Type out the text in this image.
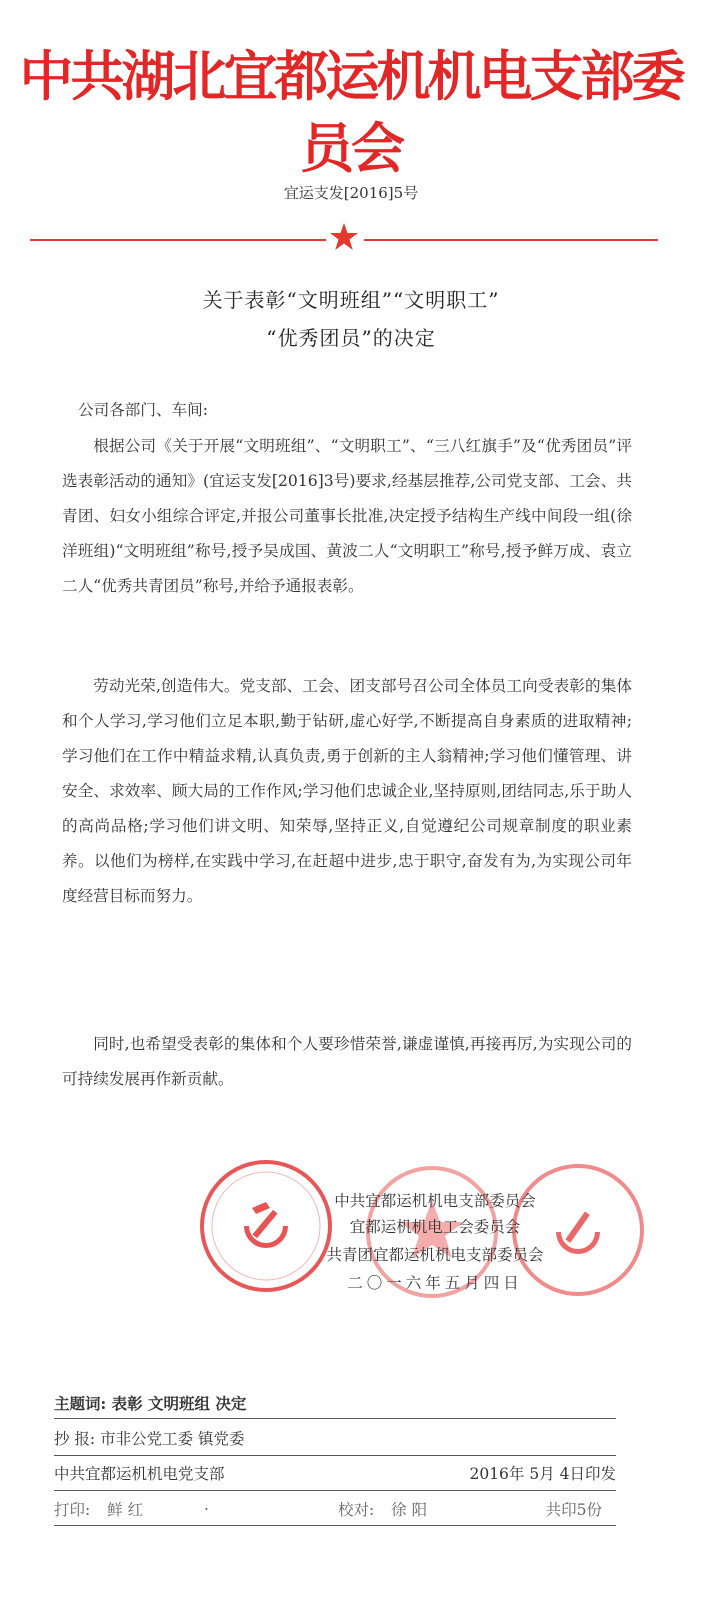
中共湖北宜都运机机电支部委员会
宜运支发[2016]5号
关于表彰“文明班组”“文明职工”
“优秀团员”的决定
公司各部门、车间:
根据公司《关于开展“文明班组”、“文明职工”、“三八红旗手”及“优秀团员”评选表彰活动的通知》(宜运支发[2016]3号)要求,经基层推荐,公司党支部、工会、共青团、妇女小组综合评定,并报公司董事长批准,决定授予结构生产线中间段一组(徐洋班组)“文明班组”称号,授予吴成国、黄波二人“文明职工”称号,授予鲜万成、袁立二人“优秀共青团员”称号,并给予通报表彰。
劳动光荣,创造伟大。党支部、工会、团支部号召公司全体员工向受表彰的集体和个人学习,学习他们立足本职,勤于钻研,虚心好学,不断提高自身素质的进取精神;学习他们在工作中精益求精,认真负责,勇于创新的主人翁精神;学习他们懂管理、讲安全、求效率、顾大局的工作作风;学习他们忠诚企业,坚持原则,团结同志,乐于助人的高尚品格;学习他们讲文明、知荣辱,坚持正义,自觉遵纪公司规章制度的职业素养。以他们为榜样,在实践中学习,在赶超中进步,忠于职守,奋发有为,为实现公司年度经营目标而努力。
同时,也希望受表彰的集体和个人要珍惜荣誉,谦虚谨慎,再接再厉,为实现公司的可持续发展再作新贡献。
中共宜都运机机电支部委员会
宜都运机机电工会委员会
共青团宜都运机机电支部委员会
二〇一六年五月四日
主题词: 表彰 文明班组 决定
抄 报: 市非公党工委 镇党委
中共宜都运机机电党支部	2016年 5月 4日印发
打印: 鲜 红	.	校对: 徐 阳	共印5份
